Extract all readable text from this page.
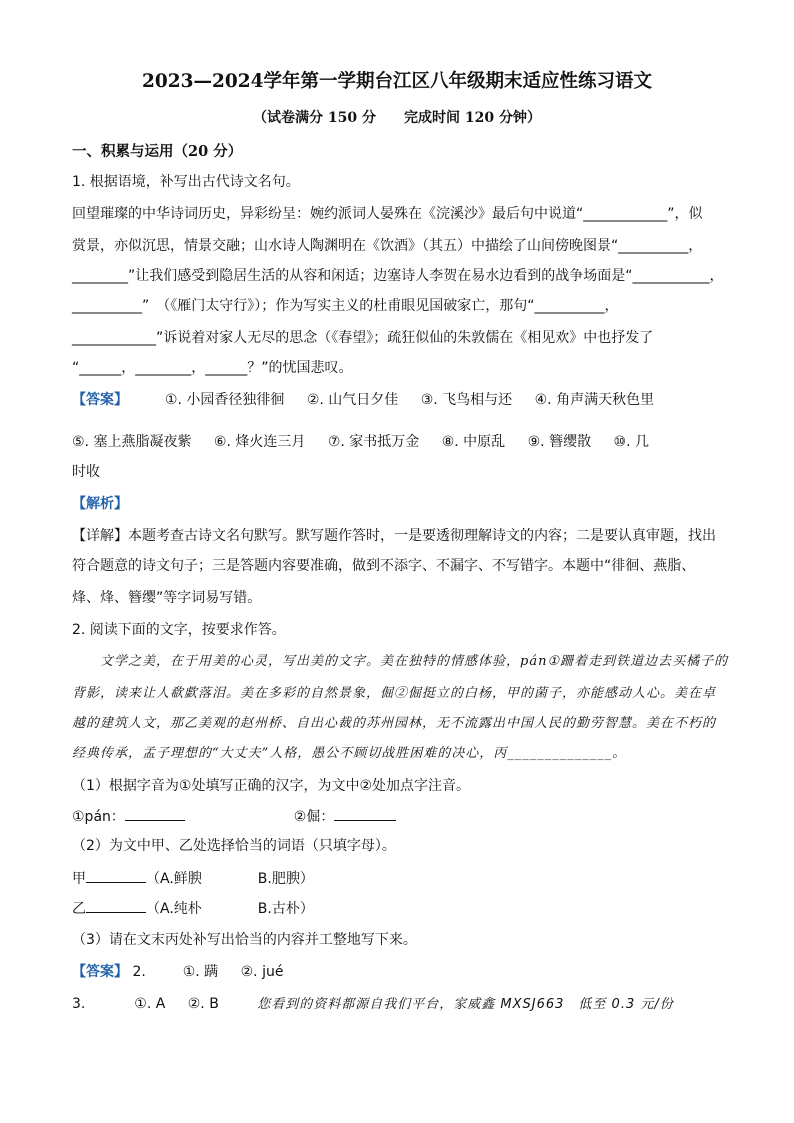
2023—2024学年第一学期台江区八年级期末适应性练习语文
（试卷满分 150 分　　完成时间 120 分钟）
一、积累与运用（20 分）
1. 根据语境，补写出古代诗文名句。
回望璀璨的中华诗词历史，异彩纷呈：婉约派词人晏殊在《浣溪沙》最后句中说道“____________”，似
赏景，亦似沉思，情景交融；山水诗人陶渊明在《饮酒》（其五）中描绘了山间傍晚图景“__________，
________”让我们感受到隐居生活的从容和闲适；边塞诗人李贺在易水边看到的战争场面是“___________，
__________”　（《雁门太守行》）；作为写实主义的杜甫眼见国破家亡，那句“__________，
____________”诉说着对家人无尽的思念（《春望》；疏狂似仙的朱敦儒在《相见欢》中也抒发了
“______，________，______？”的忧国悲叹。
【答案】	①. 小园香径独徘徊 ②. 山气日夕佳 ③. 飞鸟相与还 ④. 角声满天秋色里
⑤. 塞上燕脂凝夜紫 ⑥. 烽火连三月 ⑦. 家书抵万金 ⑧. 中原乱 ⑨. 簪缨散 ⑩. 几
时收
【解析】
【详解】本题考查古诗文名句默写。默写题作答时，一是要透彻理解诗文的内容；二是要认真审题，找出
符合题意的诗文句子；三是答题内容要准确，做到不添字、不漏字、不写错字。本题中“徘徊、燕脂、
烽、烽、簪缨”等字词易写错。
2. 阅读下面的文字，按要求作答。
　　文学之美，在于用美的心灵，写出美的文字。美在独特的情感体验，pán①跚着走到铁道边去买橘子的
背影，读来让人欷歔落泪。美在多彩的自然景象，倔②倔挺立的白杨，甲的菌子，亦能感动人心。美在卓
越的建筑人文，那乙美观的赵州桥、自出心裁的苏州园林，无不流露出中国人民的勤劳智慧。美在不朽的
经典传承，孟子理想的“大丈夫”人格，愚公不顾切战胜困难的决心，丙______________。
（1）根据字音为①处填写正确的汉字，为文中②处加点字注音。
①pán：	②倔：
（2）为文中甲、乙处选择恰当的词语（只填字母）。
甲	（A.鲜腴　　　　B.肥腴）
乙	（A.纯朴　　　　B.古朴）
（3）请在文末丙处补写出恰当的内容并工整地写下来。
【答案】 2.	①. 蹒 ②. jué
3.	①. A ②. B	您看到的资料都源自我们平台，家威鑫 MXSJ663　低至 0.3 元/份
